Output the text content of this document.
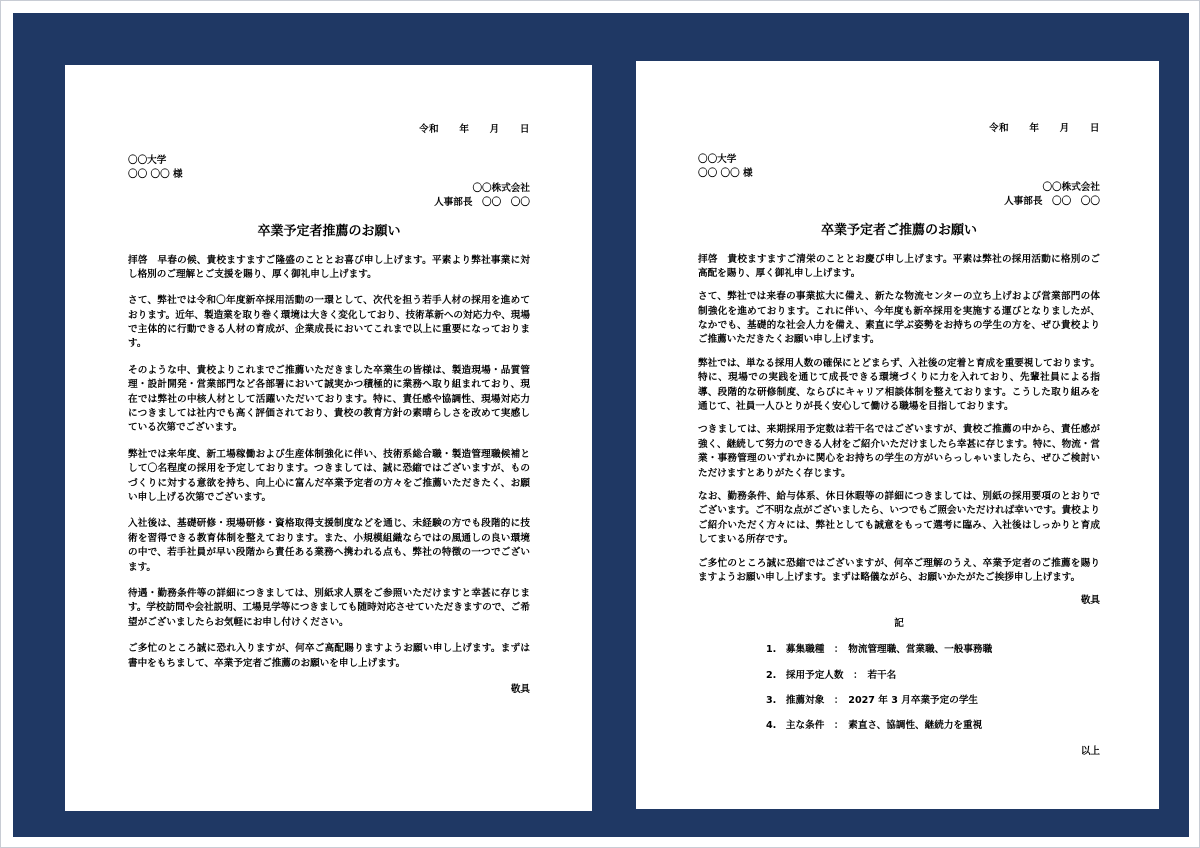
令和　　年　　月　　日
〇〇大学
〇〇 〇〇 様
〇〇株式会社
人事部長　〇〇　〇〇
卒業予定者推薦のお願い

拝啓　早春の候、貴校ますますご隆盛のこととお喜び申し上げます。平素より弊社事業に対し格別のご理解とご支援を賜り、厚く御礼申し上げます。

さて、弊社では令和〇年度新卒採用活動の一環として、次代を担う若手人材の採用を進めております。近年、製造業を取り巻く環境は大きく変化しており、技術革新への対応力や、現場で主体的に行動できる人材の育成が、企業成長においてこれまで以上に重要になっております。

そのような中、貴校よりこれまでご推薦いただきました卒業生の皆様は、製造現場・品質管理・設計開発・営業部門など各部署において誠実かつ積極的に業務へ取り組まれており、現在では弊社の中核人材として活躍いただいております。特に、責任感や協調性、現場対応力につきましては社内でも高く評価されており、貴校の教育方針の素晴らしさを改めて実感している次第でございます。

弊社では来年度、新工場稼働および生産体制強化に伴い、技術系総合職・製造管理職候補として〇名程度の採用を予定しております。つきましては、誠に恐縮ではございますが、ものづくりに対する意欲を持ち、向上心に富んだ卒業予定者の方々をご推薦いただきたく、お願い申し上げる次第でございます。

入社後は、基礎研修・現場研修・資格取得支援制度などを通じ、未経験の方でも段階的に技術を習得できる教育体制を整えております。また、小規模組織ならではの風通しの良い環境の中で、若手社員が早い段階から責任ある業務へ携われる点も、弊社の特徴の一つでございます。

待遇・勤務条件等の詳細につきましては、別紙求人票をご参照いただけますと幸甚に存じます。学校訪問や会社説明、工場見学等につきましても随時対応させていただきますので、ご希望がございましたらお気軽にお申し付けください。

ご多忙のところ誠に恐れ入りますが、何卒ご高配賜りますようお願い申し上げます。まずは書中をもちまして、卒業予定者ご推薦のお願いを申し上げます。

敬具
令和　　年　　月　　日
〇〇大学
〇〇 〇〇 様
〇〇株式会社
人事部長　〇〇　〇〇
卒業予定者ご推薦のお願い

拝啓　貴校ますますご清栄のこととお慶び申し上げます。平素は弊社の採用活動に格別のご高配を賜り、厚く御礼申し上げます。

さて、弊社では来春の事業拡大に備え、新たな物流センターの立ち上げおよび営業部門の体制強化を進めております。これに伴い、今年度も新卒採用を実施する運びとなりましたが、なかでも、基礎的な社会人力を備え、素直に学ぶ姿勢をお持ちの学生の方を、ぜひ貴校よりご推薦いただきたくお願い申し上げます。

弊社では、単なる採用人数の確保にとどまらず、入社後の定着と育成を重要視しております。特に、現場での実践を通じて成長できる環境づくりに力を入れており、先輩社員による指導、段階的な研修制度、ならびにキャリア相談体制を整えております。こうした取り組みを通じて、社員一人ひとりが長く安心して働ける職場を目指しております。

つきましては、来期採用予定数は若干名ではございますが、貴校ご推薦の中から、責任感が強く、継続して努力のできる人材をご紹介いただけましたら幸甚に存じます。特に、物流・営業・事務管理のいずれかに関心をお持ちの学生の方がいらっしゃいましたら、ぜひご検討いただけますとありがたく存じます。

なお、勤務条件、給与体系、休日休暇等の詳細につきましては、別紙の採用要項のとおりでございます。ご不明な点がございましたら、いつでもご照会いただければ幸いです。貴校よりご紹介いただく方々には、弊社としても誠意をもって選考に臨み、入社後はしっかりと育成してまいる所存です。

ご多忙のところ誠に恐縮ではございますが、何卒ご理解のうえ、卒業予定者のご推薦を賜りますようお願い申し上げます。まずは略儀ながら、お願いかたがたご挨拶申し上げます。

敬具
記
1.　募集職種　：　物流管理職、営業職、一般事務職
2.　採用予定人数　：　若干名
3.　推薦対象　：　2027 年 3 月卒業予定の学生
4.　主な条件　：　素直さ、協調性、継続力を重視
以上
